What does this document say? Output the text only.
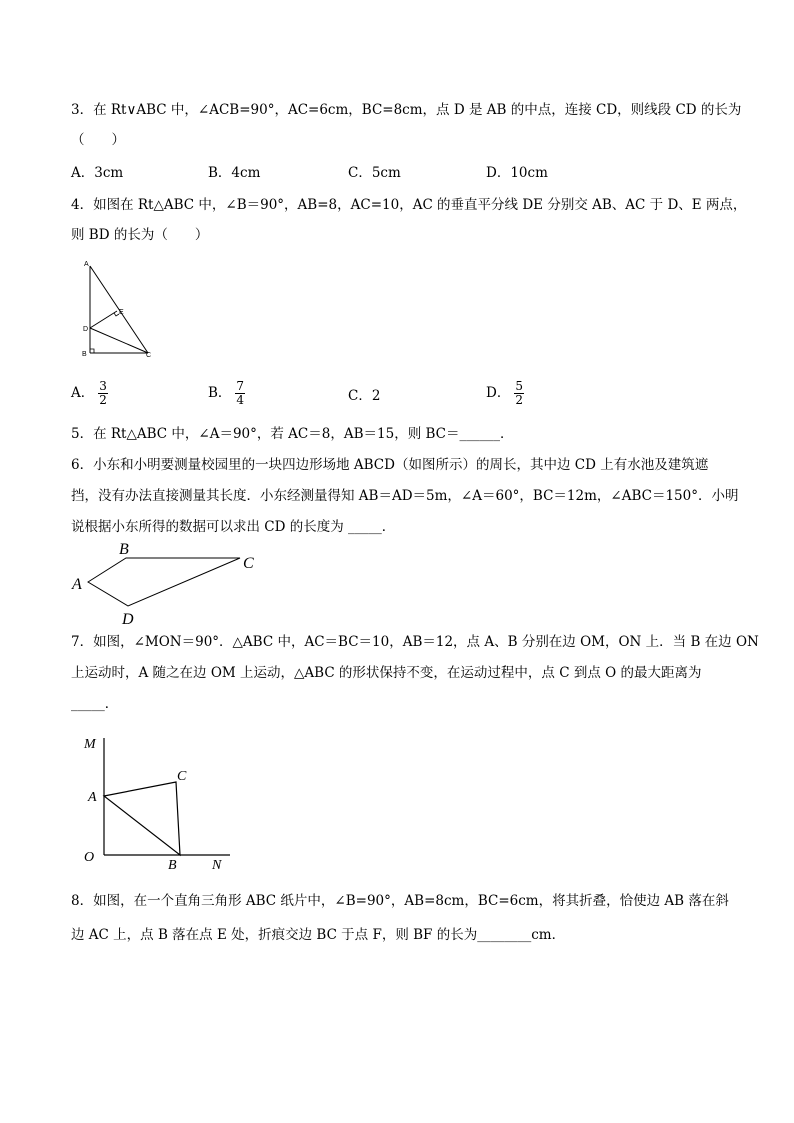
3．在 Rt∨ABC 中，∠ACB=90°，AC=6cm，BC=8cm，点 D 是 AB 的中点，连接 CD，则线段 CD 的长为
（　　）
A．3cm	B．4cm	C．5cm	D．10cm
4．如图在 Rt△ABC 中，∠B＝90°，AB=8，AC=10，AC 的垂直平分线 DE 分别交 AB、AC 于 D、E 两点，
则 BD 的长为（　　）
A
B	C
D
E
A． $\frac{3}{2}$	B． $\frac{7}{4}$	C．2	D． $\frac{5}{2}$
5．在 Rt△ABC 中，∠A＝90°，若 AC＝8，AB＝15，则 BC＝______．
6．小东和小明要测量校园里的一块四边形场地 ABCD（如图所示）的周长，其中边 CD 上有水池及建筑遮
挡，没有办法直接测量其长度．小东经测量得知 AB＝AD＝5m，∠A＝60°，BC＝12m，∠ABC＝150°．小明
说根据小东所得的数据可以求出 CD 的长度为 _____．
A
B
C
D
7．如图，∠MON＝90°．△ABC 中，AC＝BC＝10，AB＝12，点 A、B 分别在边 OM，ON 上．当 B 在边 ON
上运动时，A 随之在边 OM 上运动，△ABC 的形状保持不变，在运动过程中，点 C 到点 O 的最大距离为
_____．
M
A
C
O
B	N
8．如图，在一个直角三角形 ABC 纸片中，∠B=90°，AB=8cm，BC=6cm，将其折叠，恰使边 AB 落在斜
边 AC 上，点 B 落在点 E 处，折痕交边 BC 于点 F，则 BF 的长为________cm．
